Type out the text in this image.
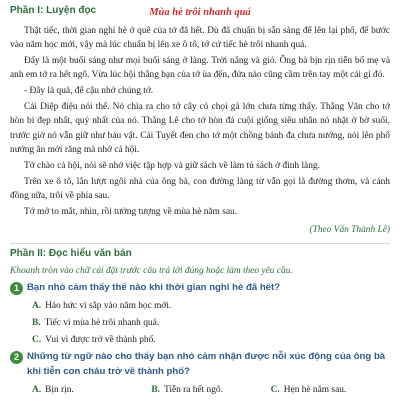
Phần I: Luyện đọc	Mùa hè trôi nhanh quá

Thật tiếc, thời gian nghỉ hè ở quê của tớ đã hết. Dù đã chuẩn bị sẵn sàng để lên lại phố, để bước vào năm học mới, vậy mà lúc chuẩn bị lên xe ô tô, tớ cứ tiếc hè trôi nhanh quá.

Đấy là một buổi sáng như mọi buổi sáng ở làng. Trời nắng và gió. Ông bà bịn rịn tiễn bố mẹ và anh em tớ ra hết ngõ. Vừa lúc hội thằng bạn của tớ ùa đến, đứa nào cũng cầm trên tay một cái gì đó.

- Đây là quà, để cậu nhớ chúng tớ.

Cái Diệp điệu nói thế. Nó chìa ra cho tớ cây cỏ chọi gà lớn chưa từng thấy. Thằng Văn cho tớ hòn bi đẹp nhất, quý nhất của nó. Thằng Lê cho tớ hòn đá cuội giống siêu nhân nó nhặt ở bờ suối, trước giờ nó vẫn giữ như báu vật. Cái Tuyết đen cho tớ một chồng bánh đa chưa nướng, nói lên phố nướng ăn mới răng mà nhớ cả hội.

Tớ chào cả hội, nói sẽ nhớ việc tập hợp và giữ sách về làm tủ sách ở đình làng.

Trên xe ô tô, lắn lượt ngôi nhà của ông bà, con đường làng từ vẫn gọi là đường thơm, và cánh đồng nữa, trôi về phía sau.

Tớ mở to mắt, nhìn, rồi tưởng tượng về mùa hè năm sau.

(Theo Văn Thành Lê)
Phần II: Đọc hiểu văn bản
Khoanh tròn vào chữ cái đặt trước câu trả lời đúng hoặc làm theo yêu cầu.
1 Bạn nhỏ cảm thấy thế nào khi thời gian nghỉ hè đã hết?
A. Háo hức vì sắp vào năm học mới.
B. Tiếc vì mùa hè trôi nhanh quá.
C. Vui vì được trở về thành phố.
2 Những từ ngữ nào cho thấy bạn nhỏ cảm nhận được nỗi xúc động của ông bà khi tiễn con cháu trở về thành phố?
A. Bịn rịn.	B. Tiễn ra hết ngõ.	C. Hẹn hè năm sau.
